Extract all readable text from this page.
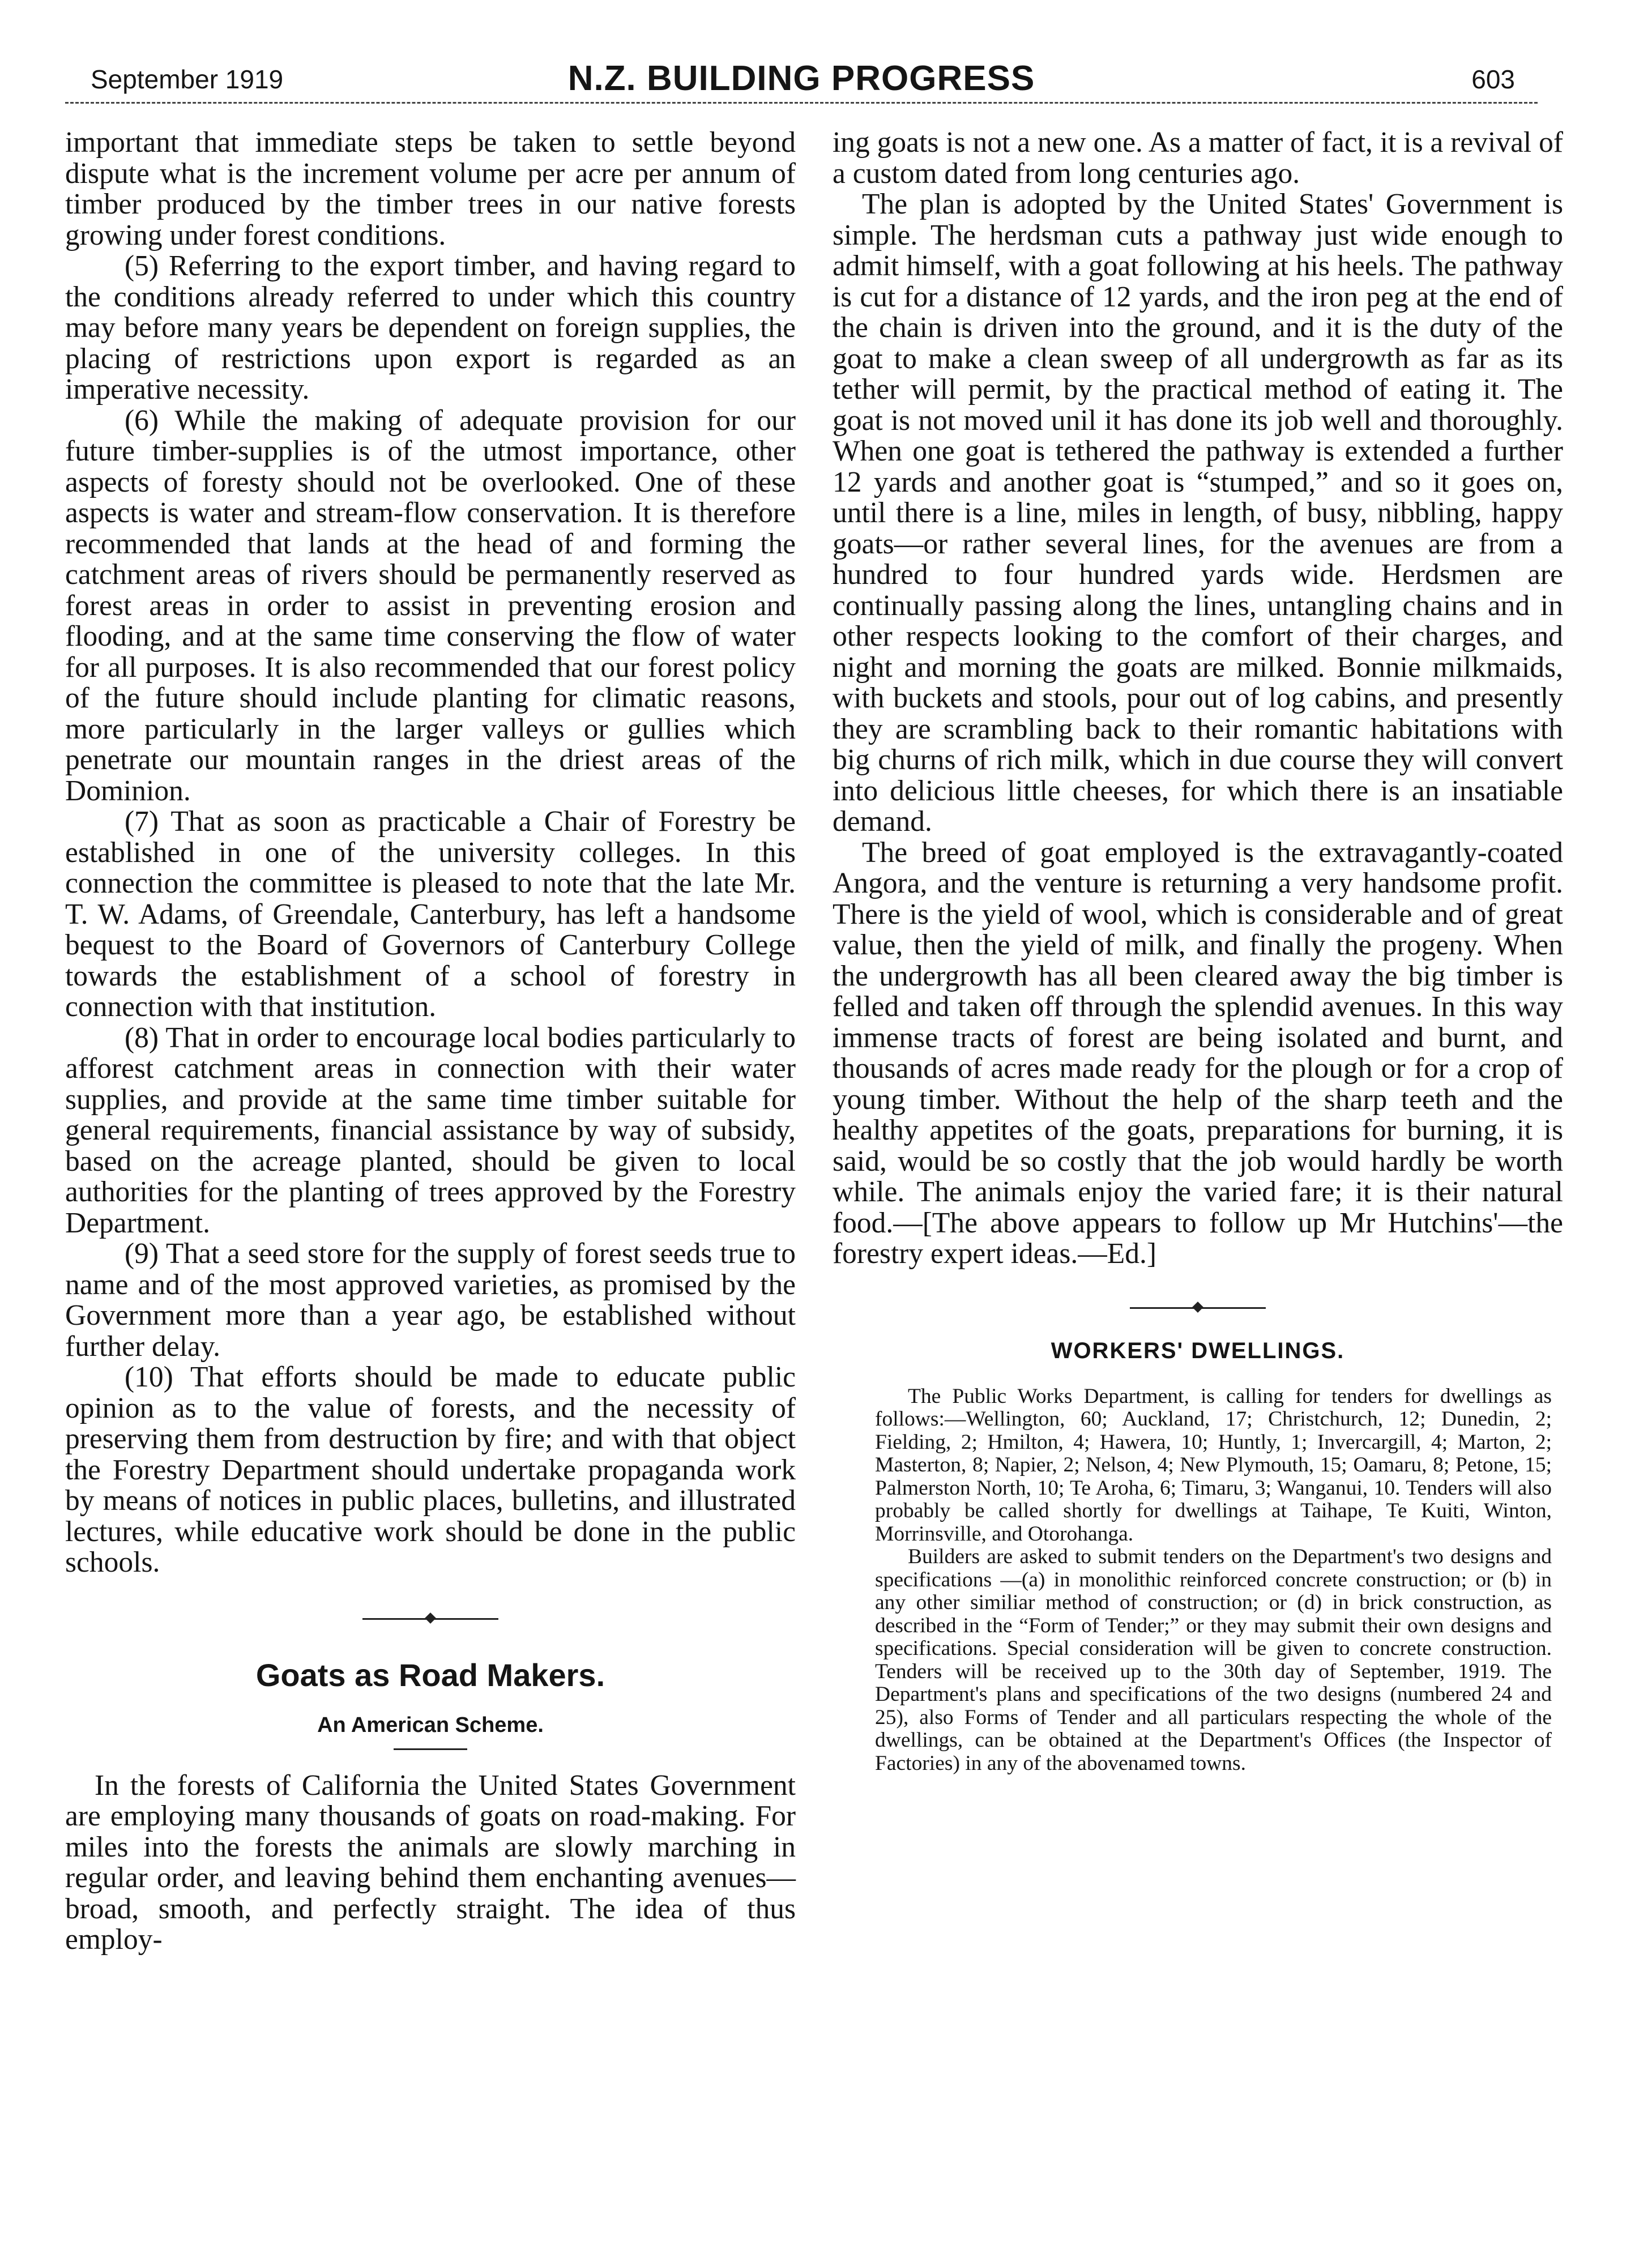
September 1919	N.Z. BUILDING PROGRESS	603

important that immediate steps be taken to settle beyond dispute what is the increment volume per acre per annum of timber produced by the timber trees in our native forests growing under forest conditions.

(5) Referring to the export timber, and having regard to the conditions already referred to under which this country may before many years be dependent on foreign supplies, the placing of restrictions upon export is regarded as an imperative necessity.

(6) While the making of adequate provision for our future timber-supplies is of the utmost importance, other aspects of foresty should not be overlooked. One of these aspects is water and stream-flow conservation. It is therefore recommended that lands at the head of and forming the catchment areas of rivers should be permanently reserved as forest areas in order to assist in preventing erosion and flooding, and at the same time conserving the flow of water for all purposes. It is also recommended that our forest policy of the future should include planting for climatic reasons, more particularly in the larger valleys or gullies which penetrate our mountain ranges in the driest areas of the Dominion.

(7) That as soon as practicable a Chair of Forestry be established in one of the university colleges. In this connection the committee is pleased to note that the late Mr. T. W. Adams, of Greendale, Canterbury, has left a handsome bequest to the Board of Governors of Canterbury College towards the establishment of a school of forestry in connection with that institution.

(8) That in order to encourage local bodies particularly to afforest catchment areas in connection with their water supplies, and provide at the same time timber suitable for general requirements, financial assistance by way of subsidy, based on the acreage planted, should be given to local authorities for the planting of trees approved by the Forestry Department.

(9) That a seed store for the supply of forest seeds true to name and of the most approved varieties, as promised by the Government more than a year ago, be established without further delay.

(10) That efforts should be made to educate public opinion as to the value of forests, and the necessity of preserving them from destruction by fire; and with that object the Forestry Department should undertake propaganda work by means of notices in public places, bulletins, and illustrated lectures, while educative work should be done in the public schools.

Goats as Road Makers.
An American Scheme.

In the forests of California the United States Government are employing many thousands of goats on road-making. For miles into the forests the animals are slowly marching in regular order, and leaving behind them enchanting avenues—broad, smooth, and perfectly straight. The idea of thus employ-

ing goats is not a new one. As a matter of fact, it is a revival of a custom dated from long centuries ago.

The plan is adopted by the United States' Government is simple. The herdsman cuts a pathway just wide enough to admit himself, with a goat following at his heels. The pathway is cut for a distance of 12 yards, and the iron peg at the end of the chain is driven into the ground, and it is the duty of the goat to make a clean sweep of all undergrowth as far as its tether will permit, by the practical method of eating it. The goat is not moved unil it has done its job well and thoroughly. When one goat is tethered the pathway is extended a further 12 yards and another goat is “stumped,” and so it goes on, until there is a line, miles in length, of busy, nibbling, happy goats—or rather several lines, for the avenues are from a hundred to four hundred yards wide. Herdsmen are continually passing along the lines, untangling chains and in other respects looking to the comfort of their charges, and night and morning the goats are milked. Bonnie milkmaids, with buckets and stools, pour out of log cabins, and presently they are scrambling back to their romantic habitations with big churns of rich milk, which in due course they will convert into delicious little cheeses, for which there is an insatiable demand.

The breed of goat employed is the extravagantly-coated Angora, and the venture is returning a very handsome profit. There is the yield of wool, which is considerable and of great value, then the yield of milk, and finally the progeny. When the undergrowth has all been cleared away the big timber is felled and taken off through the splendid avenues. In this way immense tracts of forest are being isolated and burnt, and thousands of acres made ready for the plough or for a crop of young timber. Without the help of the sharp teeth and the healthy appetites of the goats, preparations for burning, it is said, would be so costly that the job would hardly be worth while. The animals enjoy the varied fare; it is their natural food.—[The above appears to follow up Mr Hutchins'—the forestry expert ideas.—Ed.]

WORKERS' DWELLINGS.

The Public Works Department, is calling for tenders for dwellings as follows:—Wellington, 60; Auckland, 17; Christchurch, 12; Dunedin, 2; Fielding, 2; Hmilton, 4; Hawera, 10; Huntly, 1; Invercargill, 4; Marton, 2; Masterton, 8; Napier, 2; Nelson, 4; New Plymouth, 15; Oamaru, 8; Petone, 15; Palmerston North, 10; Te Aroha, 6; Timaru, 3; Wanganui, 10. Tenders will also probably be called shortly for dwellings at Taihape, Te Kuiti, Winton, Morrinsville, and Otorohanga.

Builders are asked to submit tenders on the Department's two designs and specifications —(a) in monolithic reinforced concrete construction; or (b) in any other similiar method of construction; or (d) in brick construction, as described in the “Form of Tender;” or they may submit their own designs and specifications. Special consideration will be given to concrete construction. Tenders will be received up to the 30th day of September, 1919. The Department's plans and specifications of the two designs (numbered 24 and 25), also Forms of Tender and all particulars respecting the whole of the dwellings, can be obtained at the Department's Offices (the Inspector of Factories) in any of the abovenamed towns.
